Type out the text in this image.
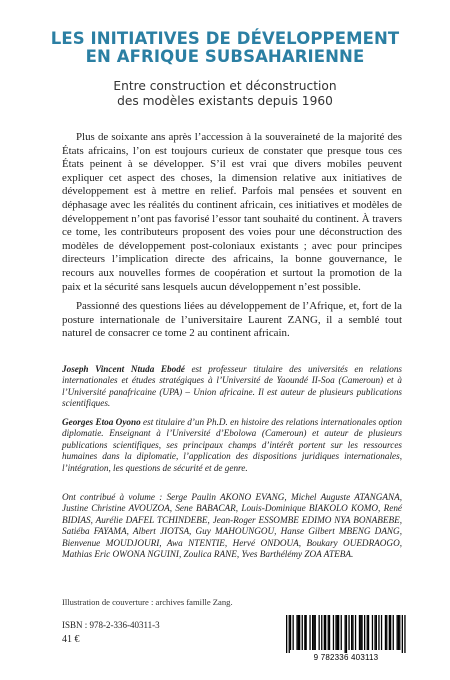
LES INITIATIVES DE DÉVELOPPEMENT
EN AFRIQUE SUBSAHARIENNE
Entre construction et déconstruction
des modèles existants depuis 1960

Plus de soixante ans après l’accession à la souveraineté de la majorité des États africains, l’on est toujours curieux de constater que presque tous ces États peinent à se développer. S’il est vrai que divers mobiles peuvent expliquer cet aspect des choses, la dimension relative aux initiatives de développement est à mettre en relief. Parfois mal pensées et souvent en déphasage avec les réalités du continent africain, ces initiatives et modèles de développement n’ont pas favorisé l’essor tant souhaité du continent. À travers ce tome, les contributeurs proposent des voies pour une déconstruction des modèles de développement post-coloniaux existants ; avec pour principes directeurs l’implication directe des africains, la bonne gouvernance, le recours aux nouvelles formes de coopération et surtout la promotion de la paix et la sécurité sans lesquels aucun développement n’est possible.

Passionné des questions liées au développement de l’Afrique, et, fort de la posture internationale de l’universitaire Laurent ZANG, il a semblé tout naturel de consacrer ce tome 2 au continent africain.

Joseph Vincent Ntuda Ebodé est professeur titulaire des universités en relations internationales et études stratégiques à l’Université de Yaoundé II-Soa (Cameroun) et à l’Université panafricaine (UPA) – Union africaine. Il est auteur de plusieurs publications scientifiques.

Georges Etoa Oyono est titulaire d’un Ph.D. en histoire des relations internationales option diplomatie. Enseignant à l’Université d’Ebolowa (Cameroun) et auteur de plusieurs publications scientifiques, ses principaux champs d’intérêt portent sur les ressources humaines dans la diplomatie, l’application des dispositions juridiques internationales, l’intégration, les questions de sécurité et de genre.

Ont contribué à volume : Serge Paulin AKONO EVANG, Michel Auguste ATANGANA, Justine Christine AVOUZOA, Sene BABACAR, Louis-Dominique BIAKOLO KOMO, René BIDIAS, Aurélie DAFEL TCHINDEBE, Jean-Roger ESSOMBE EDIMO NYA BONABEBE, Satiéba FAYAMA, Albert JIOTSA, Guy MAHOUNGOU, Hanse Gilbert MBENG DANG, Bienvenue MOUDJOURI, Awa NTENTIE, Hervé ONDOUA, Boukary OUEDRAOGO, Mathias Eric OWONA NGUINI, Zoulica RANE, Yves Barthélémy ZOA ATEBA.

Illustration de couverture : archives famille Zang.
ISBN : 978-2-336-40311-3
41 €
9 782336 403113
